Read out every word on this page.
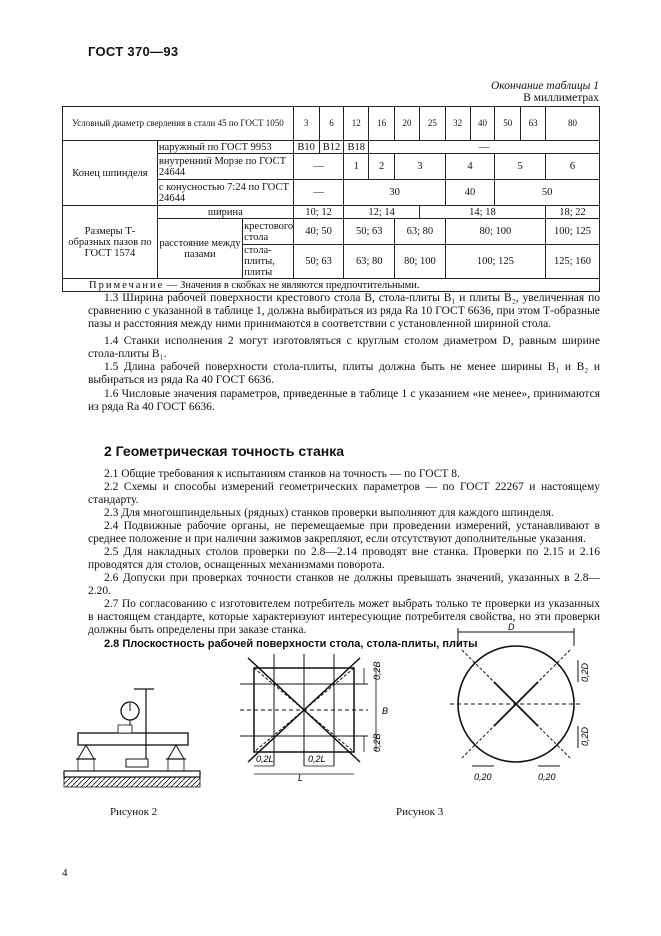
ГОСТ 370—93
Окончание таблицы 1
В миллиметрах
Условный диаметр сверления в стали 45 по ГОСТ 1050			3	6	12	16	20	25	32	40	50	63	80
Конец шпинделя	наружный по ГОСТ 9953		B10	B12	B18	—							
	внутренний Морзе по ГОСТ 24644		—		1	2	3		4		5		6
	с конусностью 7:24 по ГОСТ 24644		—		30				40		50		
Размеры Т-образных пазов по ГОСТ 1574	ширина		10; 12		12; 14			14; 18					18; 22
	расстояние между пазами	крестового стола	40; 50		50; 63		63; 80		80; 100				100; 125
		стола-плиты, плиты	50; 63		63; 80		80; 100		100; 125				125; 160
Примечание — Значения в скобках не являются предпочтительными.													
1.3 Ширина рабочей поверхности крестового стола B, стола-плиты B₁ и плиты B₂, увеличенная по сравнению с указанной в таблице 1, должна выбираться из ряда Ra 10 ГОСТ 6636, при этом Т-образные пазы и расстояния между ними принимаются в соответствии с установленной шириной стола.
1.4 Станки исполнения 2 могут изготовляться с круглым столом диаметром D, равным ширине стола-плиты B₁.
1.5 Длина рабочей поверхности стола-плиты, плиты должна быть не менее ширины B₁ и B₂ и выбираться из ряда Ra 40 ГОСТ 6636.
1.6 Числовые значения параметров, приведенные в таблице 1 с указанием «не менее», принимаются из ряда Ra 40 ГОСТ 6636.
2 Геометрическая точность станка
2.1 Общие требования к испытаниям станков на точность — по ГОСТ 8.
2.2 Схемы и способы измерений геометрических параметров — по ГОСТ 22267 и настоящему стандарту.
2.3 Для многошпиндельных (рядных) станков проверки выполняют для каждого шпинделя.
2.4 Подвижные рабочие органы, не перемещаемые при проведении измерений, устанавливают в среднее положение и при наличии зажимов закрепляют, если отсутствуют дополнительные указания.
2.5 Для накладных столов проверки по 2.8—2.14 проводят вне станка. Проверки по 2.15 и 2.16 проводятся для столов, оснащенных механизмами поворота.
2.6 Допуски при проверках точности станков не должны превышать значений, указанных в 2.8—2.20.
2.7 По согласованию с изготовителем потребитель может выбрать только те проверки из указанных в настоящем стандарте, которые характеризуют интересующие потребителя свойства, но эти проверки должны быть определены при заказе станка.
2.8 Плоскостность рабочей поверхности стола, стола-плиты, плиты
Рисунок 2
0,2B
0,2B
B
0,2L	0,2L
L
D
0,2D
0,2D
0,20	0,20
Рисунок 3
4
